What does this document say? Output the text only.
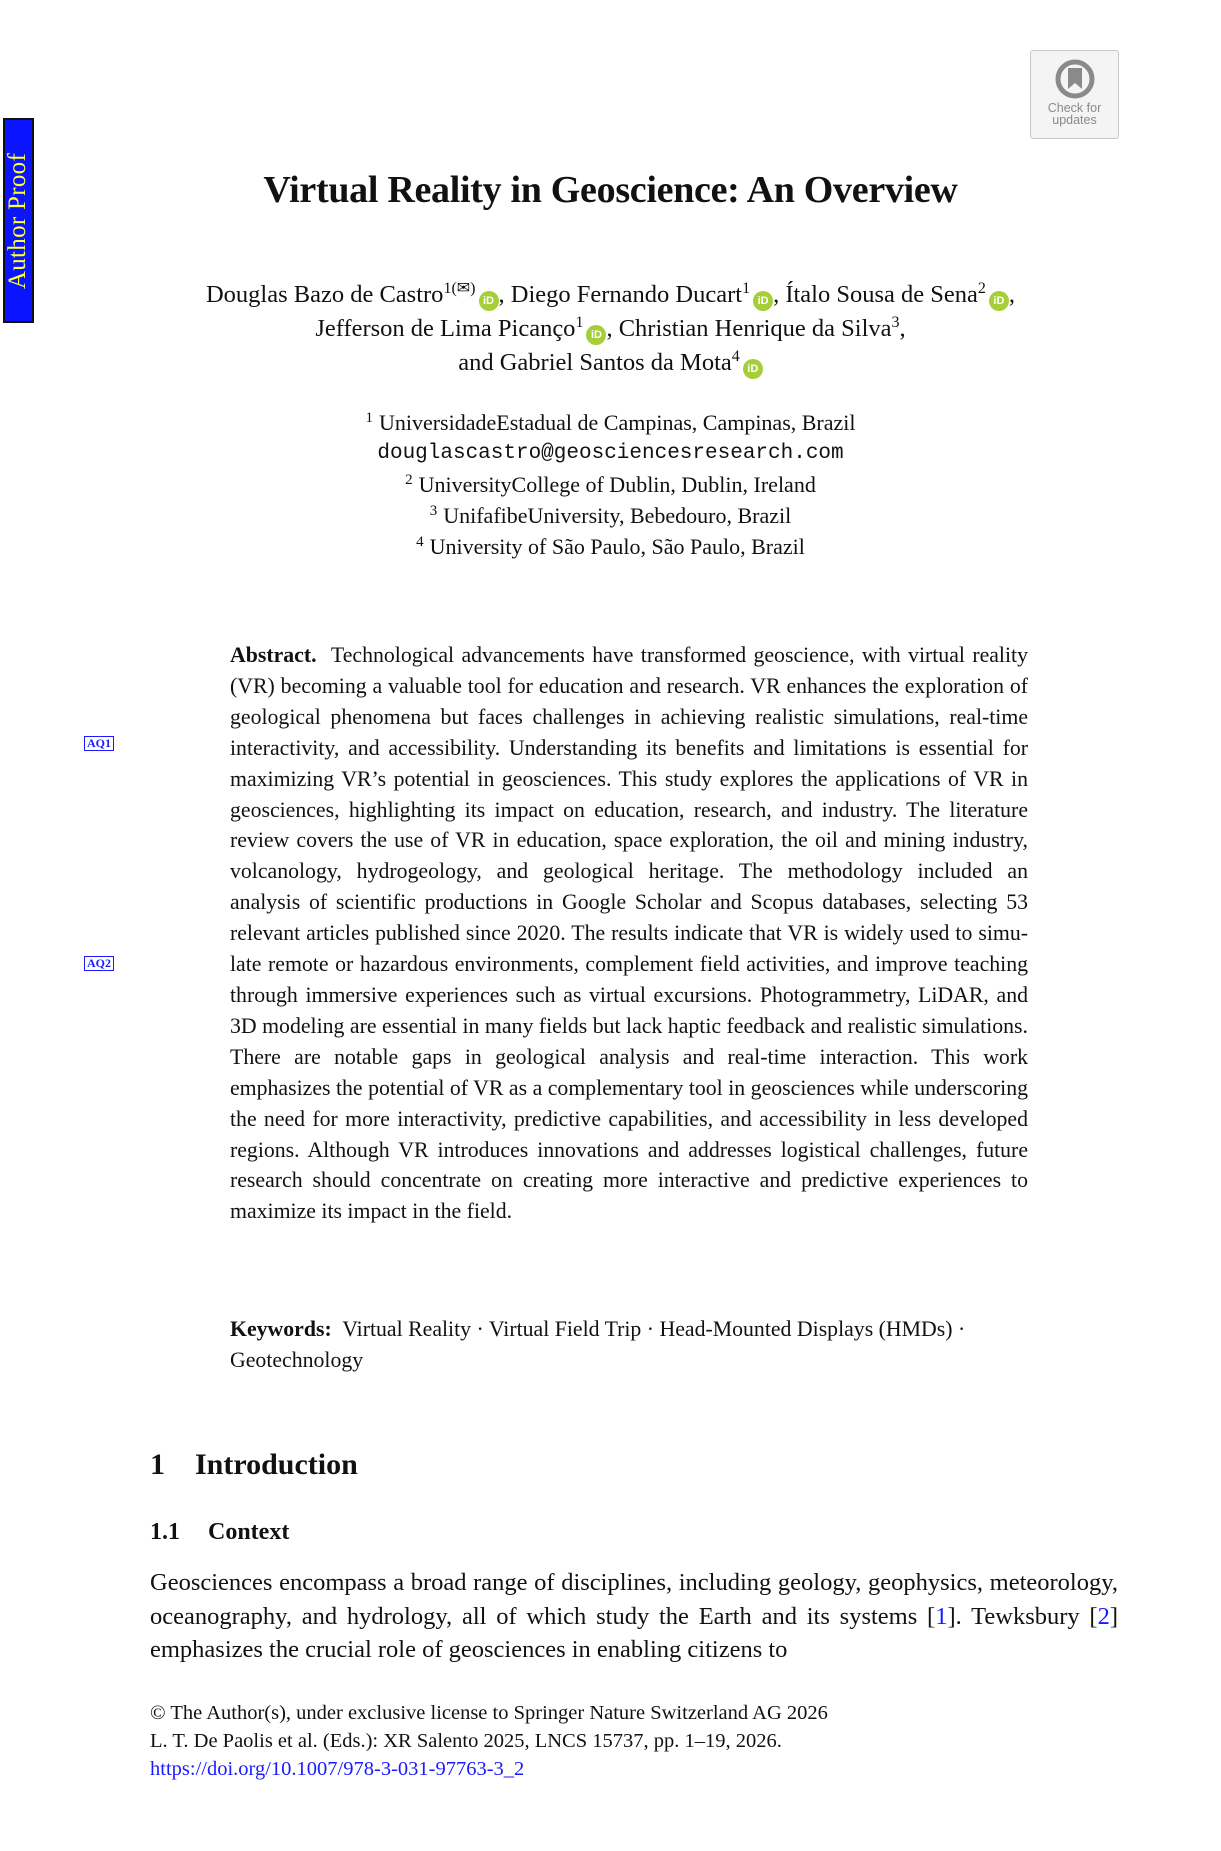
Author Proof
Check for
updates
Virtual Reality in Geoscience: An Overview
Douglas Bazo de Castro$^{1(✉)}$iD , Diego Fernando Ducart$^1$iD , Ítalo Sousa de Sena$^2$iD ,
Jefferson de Lima Picanço$^1$iD , Christian Henrique da Silva$^3$,
and Gabriel Santos da Mota$^4$iD
$^1$ UniversidadeEstadual de Campinas, Campinas, Brazil
douglascastro@geosciencesresearch.com
$^2$ UniversityCollege of Dublin, Dublin, Ireland
$^3$ UnifafibeUniversity, Bebedouro, Brazil
$^4$ University of São Paulo, São Paulo, Brazil
AQ1
AQ2
Abstract. Technological advancements have transformed geoscience, with virtual reality (VR) becoming a valuable tool for education and research. VR enhances the exploration of geological phenomena but faces challenges in achieving realistic simulations, real-time interactivity, and accessibility. Understanding its benefits and limitations is essential for maximizing VR’s potential in geosciences. This study explores the applications of VR in geosciences, highlighting its impact on education, research, and industry. The literature review covers the use of VR in education, space exploration, the oil and mining industry, volcanology, hydrogeology, and geological heritage. The methodology included an analysis of scientific productions in Google Scholar and Scopus databases, selecting 53 relevant articles published since 2020. The results indicate that VR is widely used to simulate remote or hazardous environments, complement field activities, and improve teaching through immersive experiences such as virtual excursions. Photogrammetry, LiDAR, and 3D modeling are essential in many fields but lack haptic feedback and realistic simulations. There are notable gaps in geological analysis and real-time interaction. This work emphasizes the potential of VR as a complementary tool in geosciences while underscoring the need for more interactivity, predictive capabilities, and accessibility in less developed regions. Although VR introduces innovations and addresses logistical challenges, future research should concentrate on creating more interactive and predictive experiences to maximize its impact in the field.
Keywords: Virtual Reality · Virtual Field Trip · Head-Mounted Displays (HMDs) · Geotechnology
1 Introduction
1.1 Context
Geosciences encompass a broad range of disciplines, including geology, geophysics, meteorology, oceanography, and hydrology, all of which study the Earth and its systems [1]. Tewksbury [2] emphasizes the crucial role of geosciences in enabling citizens to
© The Author(s), under exclusive license to Springer Nature Switzerland AG 2026
L. T. De Paolis et al. (Eds.): XR Salento 2025, LNCS 15737, pp. 1–19, 2026.
https://doi.org/10.1007/978-3-031-97763-3_2
